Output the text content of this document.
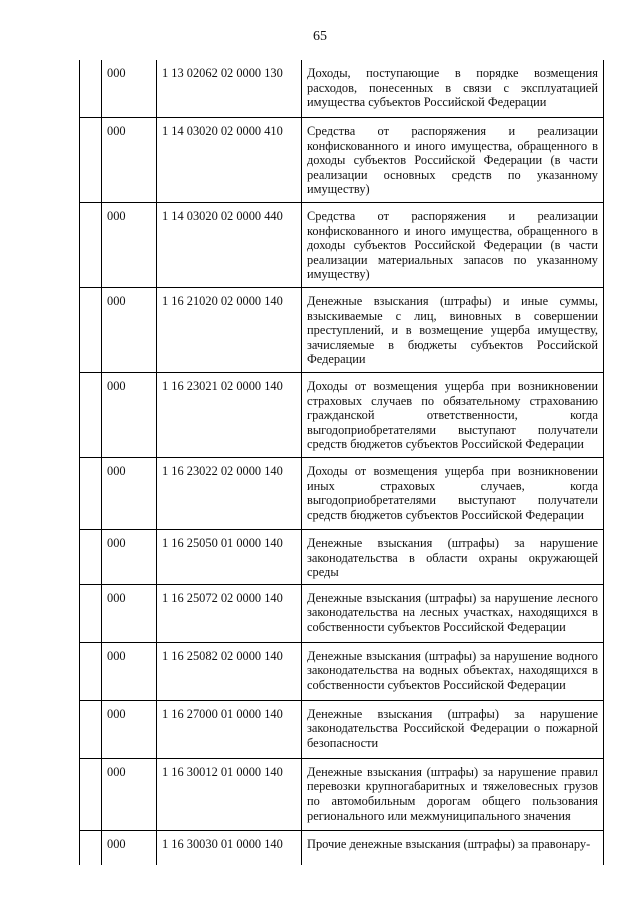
65
	000	1 13 02062 02 0000 130	Доходы, поступающие в порядке возмещения расходов, понесенных в связи с эксплуатацией имущества субъектов Российской Федерации
	000	1 14 03020 02 0000 410	Средства от распоряжения и реализации конфискованного и иного имущества, обращенного в доходы субъектов Российской Федерации (в части реализации основных средств по указанному имуществу)
	000	1 14 03020 02 0000 440	Средства от распоряжения и реализации конфискованного и иного имущества, обращенного в доходы субъектов Российской Федерации (в части реализации материальных запасов по указанному имуществу)
	000	1 16 21020 02 0000 140	Денежные взыскания (штрафы) и иные суммы, взыскиваемые с лиц, виновных в совершении преступлений, и в возмещение ущерба имуществу, зачисляемые в бюджеты субъектов Российской Федерации
	000	1 16 23021 02 0000 140	Доходы от возмещения ущерба при возникновении страховых случаев по обязательному страхованию гражданской ответственности, когда выгодоприобретателями выступают получатели средств бюджетов субъектов Российской Федерации
	000	1 16 23022 02 0000 140	Доходы от возмещения ущерба при возникновении иных страховых случаев, когда выгодоприобретателями выступают получатели средств бюджетов субъектов Российской Федерации
	000	1 16 25050 01 0000 140	Денежные взыскания (штрафы) за нарушение законодательства в области охраны окружающей среды
	000	1 16 25072 02 0000 140	Денежные взыскания (штрафы) за нарушение лесного законодательства на лесных участках, находящихся в собственности субъектов Российской Федерации
	000	1 16 25082 02 0000 140	Денежные взыскания (штрафы) за нарушение водного законодательства на водных объектах, находящихся в собственности субъектов Российской Федерации
	000	1 16 27000 01 0000 140	Денежные взыскания (штрафы) за нарушение законодательства Российской Федерации о пожарной безопасности
	000	1 16 30012 01 0000 140	Денежные взыскания (штрафы) за нарушение правил перевозки крупногабаритных и тяжеловесных грузов по автомобильным дорогам общего пользования регионального или межмуниципального значения
	000	1 16 30030 01 0000 140	Прочие денежные взыскания (штрафы) за правонару-
